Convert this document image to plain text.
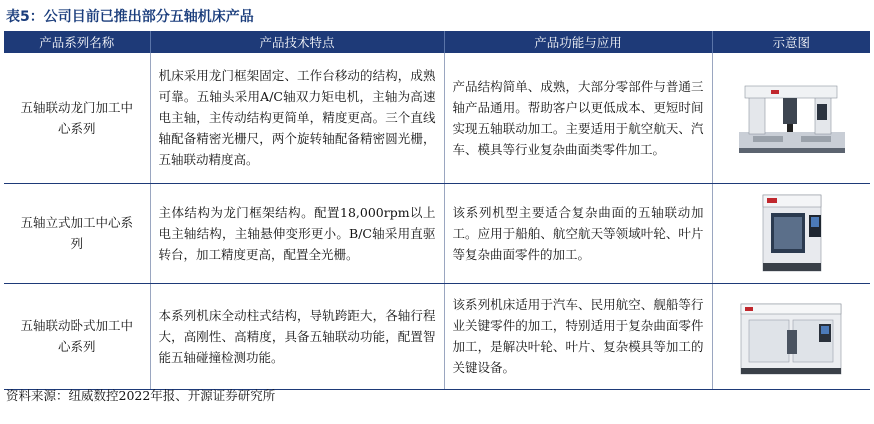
表5：公司目前已推出部分五轴机床产品
产品系列名称	产品技术特点	产品功能与应用	示意图
五轴联动龙门加工中心系列	机床采用龙门框架固定、工作台移动的结构，成熟可靠。五轴头采用A/C轴双力矩电机，主轴为高速电主轴，主传动结构更简单，精度更高。三个直线轴配备精密光栅尺，两个旋转轴配备精密圆光栅，五轴联动精度高。	产品结构简单、成熟，大部分零部件与普通三轴产品通用。帮助客户以更低成本、更短时间实现五轴联动加工。主要适用于航空航天、汽车、模具等行业复杂曲面类零件加工。	

五轴立式加工中心系列	主体结构为龙门框架结构。配置18,000rpm以上电主轴结构，主轴悬伸变形更小。B/C轴采用直驱转台，加工精度更高，配置全光栅。	该系列机型主要适合复杂曲面的五轴联动加工。应用于船舶、航空航天等领域叶轮、叶片等复杂曲面零件的加工。	

五轴联动卧式加工中心系列	本系列机床全动柱式结构，导轨跨距大，各轴行程大，高刚性、高精度，具备五轴联动功能，配置智能五轴碰撞检测功能。	该系列机床适用于汽车、民用航空、舰船等行业关键零件的加工，特别适用于复杂曲面零件加工，是解决叶轮、叶片、复杂模具等加工的关键设备。	
资料来源：纽威数控2022年报、开源证券研究所
